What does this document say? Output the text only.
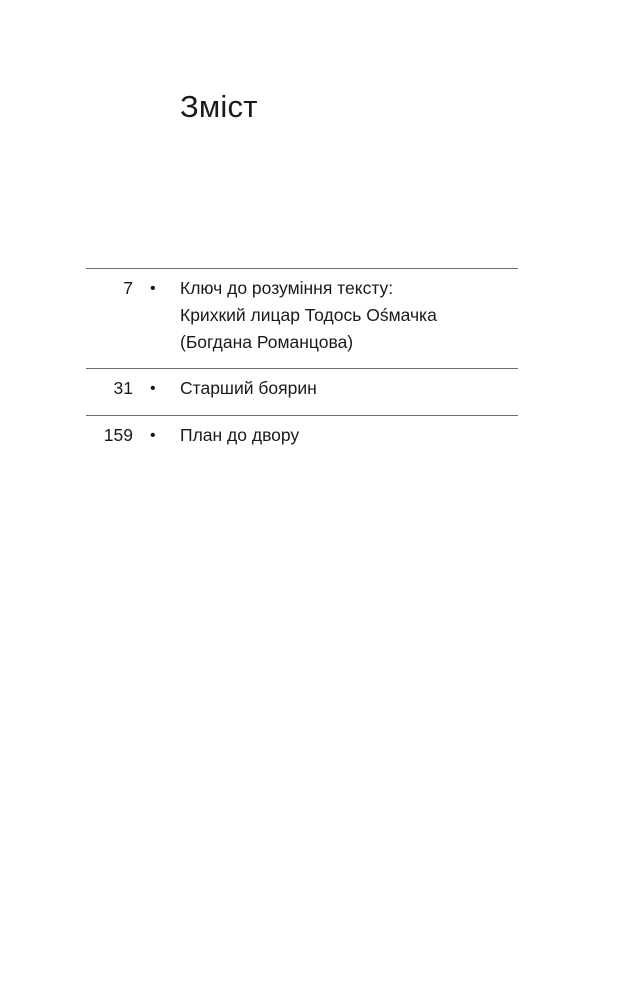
Зміст
7 • Ключ до розуміння тексту:
Крихкий лицар Тодось Ośмачка
(Богдана Романцова)
31 • Старший боярин
159 • План до двору
